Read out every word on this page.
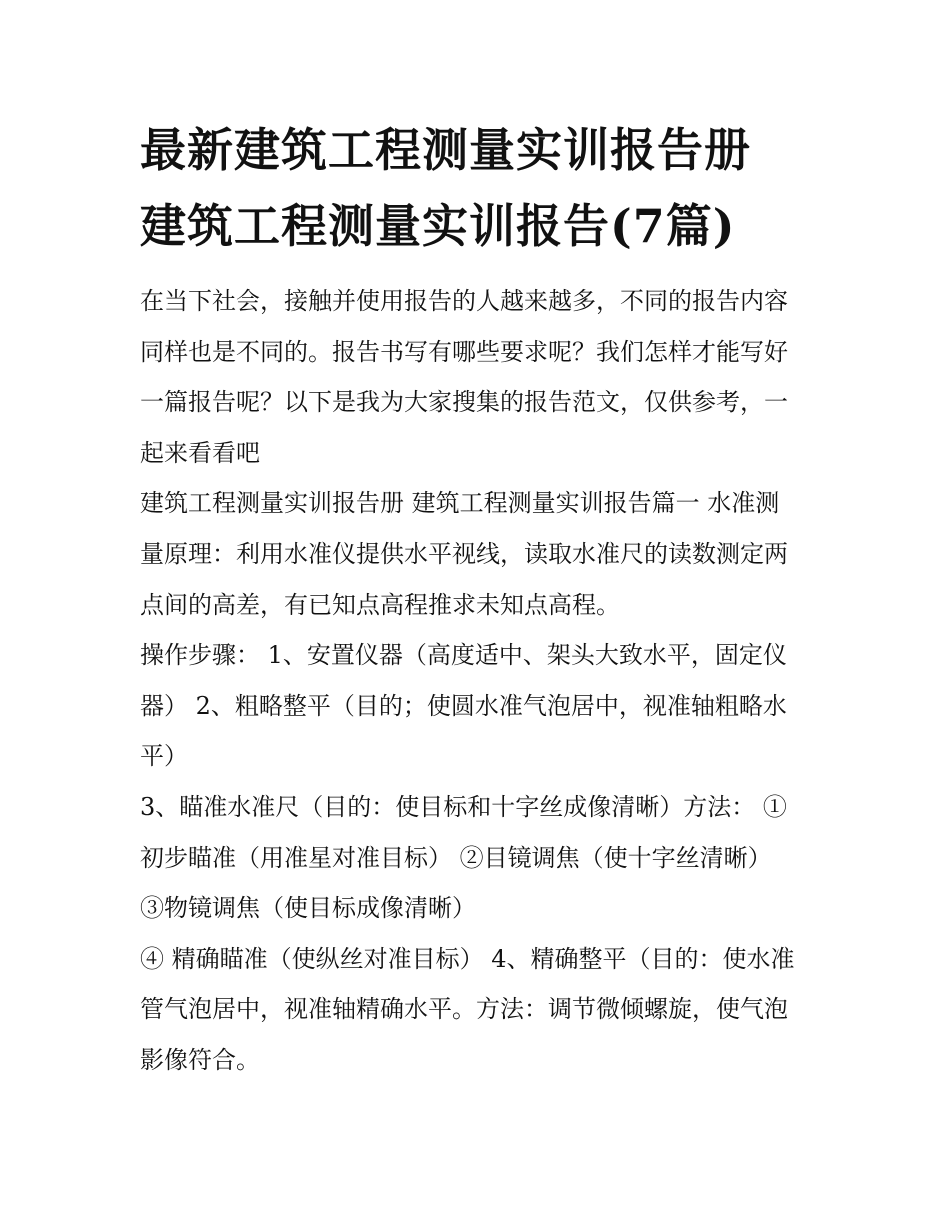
最新建筑工程测量实训报告册
建筑工程测量实训报告(7篇)

在当下社会，接触并使用报告的人越来越多，不同的报告内容

同样也是不同的。报告书写有哪些要求呢？我们怎样才能写好

一篇报告呢？以下是我为大家搜集的报告范文，仅供参考，一

起来看看吧

建筑工程测量实训报告册 建筑工程测量实训报告篇一 水准测

量原理：利用水准仪提供水平视线，读取水准尺的读数测定两

点间的高差，有已知点高程推求未知点高程。

操作步骤： 1、安置仪器（高度适中、架头大致水平，固定仪

器） 2、粗略整平（目的；使圆水准气泡居中，视准轴粗略水

平）

3、瞄准水准尺（目的：使目标和十字丝成像清晰）方法： ①

初步瞄准（用准星对准目标） ②目镜调焦（使十字丝清晰）

③物镜调焦（使目标成像清晰）

④ 精确瞄准（使纵丝对准目标） 4、精确整平（目的：使水准

管气泡居中，视准轴精确水平。方法：调节微倾螺旋，使气泡

影像符合。
